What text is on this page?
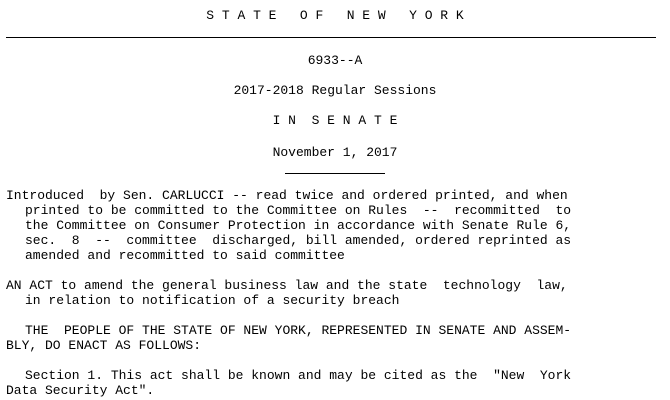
S T A T E   O F   N E W   Y O R K
6933--A
2017-2018 Regular Sessions
I N  S E N A T E
November 1, 2017
Introduced  by Sen. CARLUCCI -- read twice and ordered printed, and when
printed to be committed to the Committee on Rules  --  recommitted  to
the Committee on Consumer Protection in accordance with Senate Rule 6,
sec.  8  --  committee  discharged, bill amended, ordered reprinted as
amended and recommitted to said committee
AN ACT to amend the general business law and the state  technology  law,
in relation to notification of a security breach
THE  PEOPLE OF THE STATE OF NEW YORK, REPRESENTED IN SENATE AND ASSEM-
BLY, DO ENACT AS FOLLOWS:
Section 1. This act shall be known and may be cited as the  "New  York
Data Security Act".
